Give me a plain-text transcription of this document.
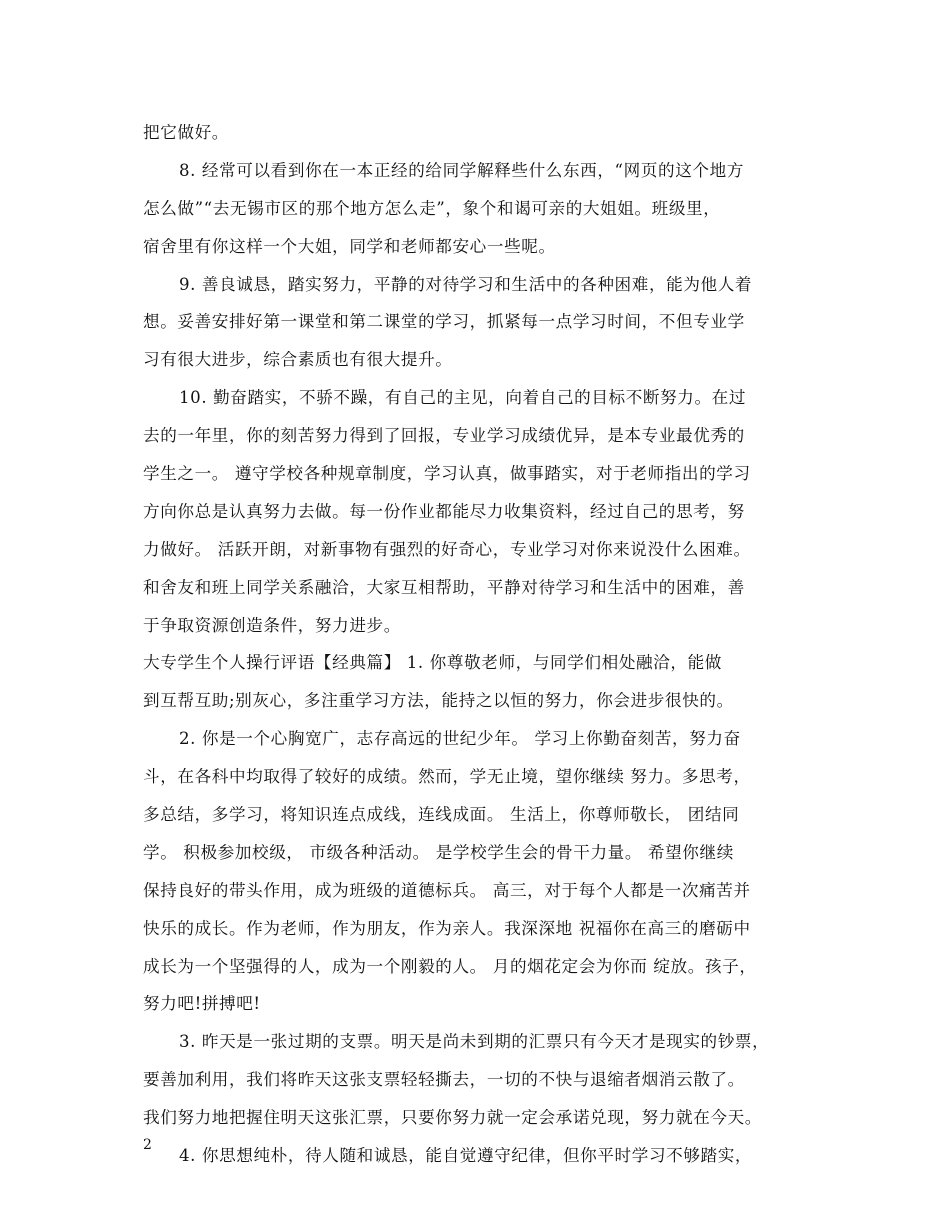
把它做好。
8. 经常可以看到你在一本正经的给同学解释些什么东西，“网页的这个地方
怎么做”“去无锡市区的那个地方怎么走”，象个和谒可亲的大姐姐。班级里，
宿舍里有你这样一个大姐，同学和老师都安心一些呢。
9. 善良诚恳，踏实努力，平静的对待学习和生活中的各种困难，能为他人着
想。妥善安排好第一课堂和第二课堂的学习，抓紧每一点学习时间，不但专业学
习有很大进步，综合素质也有很大提升。
10. 勤奋踏实，不骄不躁，有自己的主见，向着自己的目标不断努力。在过
去的一年里，你的刻苦努力得到了回报，专业学习成绩优异，是本专业最优秀的
学生之一。 遵守学校各种规章制度，学习认真，做事踏实，对于老师指出的学习
方向你总是认真努力去做。每一份作业都能尽力收集资料，经过自己的思考，努
力做好。 活跃开朗，对新事物有强烈的好奇心，专业学习对你来说没什么困难。
和舍友和班上同学关系融洽，大家互相帮助，平静对待学习和生活中的困难，善
于争取资源创造条件，努力进步。
大专学生个人操行评语【经典篇】 1. 你尊敬老师，与同学们相处融洽，能做
到互帮互助;别灰心，多注重学习方法，能持之以恒的努力，你会进步很快的。
2. 你是一个心胸宽广，志存高远的世纪少年。 学习上你勤奋刻苦，努力奋
斗，在各科中均取得了较好的成绩。然而，学无止境，望你继续 努力。多思考，
多总结，多学习，将知识连点成线，连线成面。 生活上，你尊师敬长， 团结同
学。 积极参加校级， 市级各种活动。 是学校学生会的骨干力量。 希望你继续
保持良好的带头作用，成为班级的道德标兵。 高三，对于每个人都是一次痛苦并
快乐的成长。作为老师，作为朋友，作为亲人。我深深地 祝福你在高三的磨砺中
成长为一个坚强得的人，成为一个刚毅的人。 月的烟花定会为你而 绽放。孩子，
努力吧!拼搏吧!
3. 昨天是一张过期的支票。明天是尚未到期的汇票只有今天才是现实的钞票，
要善加利用，我们将昨天这张支票轻轻撕去，一切的不快与退缩者烟消云散了。
我们努力地把握住明天这张汇票，只要你努力就一定会承诺兑现，努力就在今天。
4. 你思想纯朴，待人随和诚恳，能自觉遵守纪律，但你平时学习不够踏实，
2
